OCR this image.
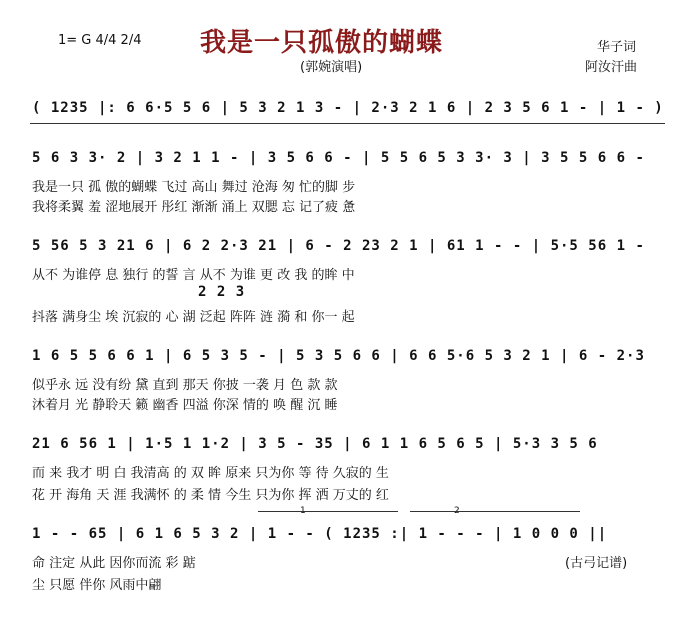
1= G 4/4 2/4 我是一只孤傲的蝴蝶
(郭婉演唱)
华子词
阿汝汗曲
( 1235 |: 6 6·5 5 6 | 5 3 2 1 3 - | 2·3 2 1 6 | 2 3 5 6 1 - | 1 - )
5 6 3 3· 2 | 3 2 1 1 - | 3 5 6 6 - | 5 5 6 5 3 3· 3 | 3 5 5 6 6 -
我是一只 孤 傲的蝴蝶 飞过 高山 舞过 沧海 匆 忙的脚 步
我将柔翼 羞 涩地展开 彤红 渐渐 涌上 双腮 忘 记了疲 惫
5 56 5 3 21 6 | 6 2 2·3 21 | 6 - 2 23 2 1 | 61 1 - - | 5·5 56 1 -
从不 为谁停 息 独行 的誓 言 从不 为谁 更 改 我 的眸 中
2 2 3
抖落 满身尘 埃 沉寂的 心 湖 泛起 阵阵 涟 漪 和 你一 起
1 6 5 5 6 6 1 | 6 5 3 5 - | 5 3 5 6 6 | 6 6 5·6 5 3 2 1 | 6 - 2·3
似乎永 远 没有纷 黛 直到 那天 你披 一袭 月 色 款 款
沐着月 光 静聆天 籁 幽香 四溢 你深 情的 唤 醒 沉 睡
21 6 56 1 | 1·5 1 1·2 | 3 5 - 35 | 6 1 1 6 5 6 5 | 5·3 3 5 6
而 来 我才 明 白 我清高 的 双 眸 原来 只为你 等 待 久寂的 生
花 开 海角 天 涯 我满怀 的 柔 情 今生 只为你 挥 洒 万丈的 红
1	2
1 - - 65 | 6 1 6 5 3 2 | 1 - - ( 1235 :| 1 - - - | 1 0 0 0 ||
命 注定 从此 因你而流 彩 踮
尘 只愿 伴你 风雨中翩
(古弓记谱)
